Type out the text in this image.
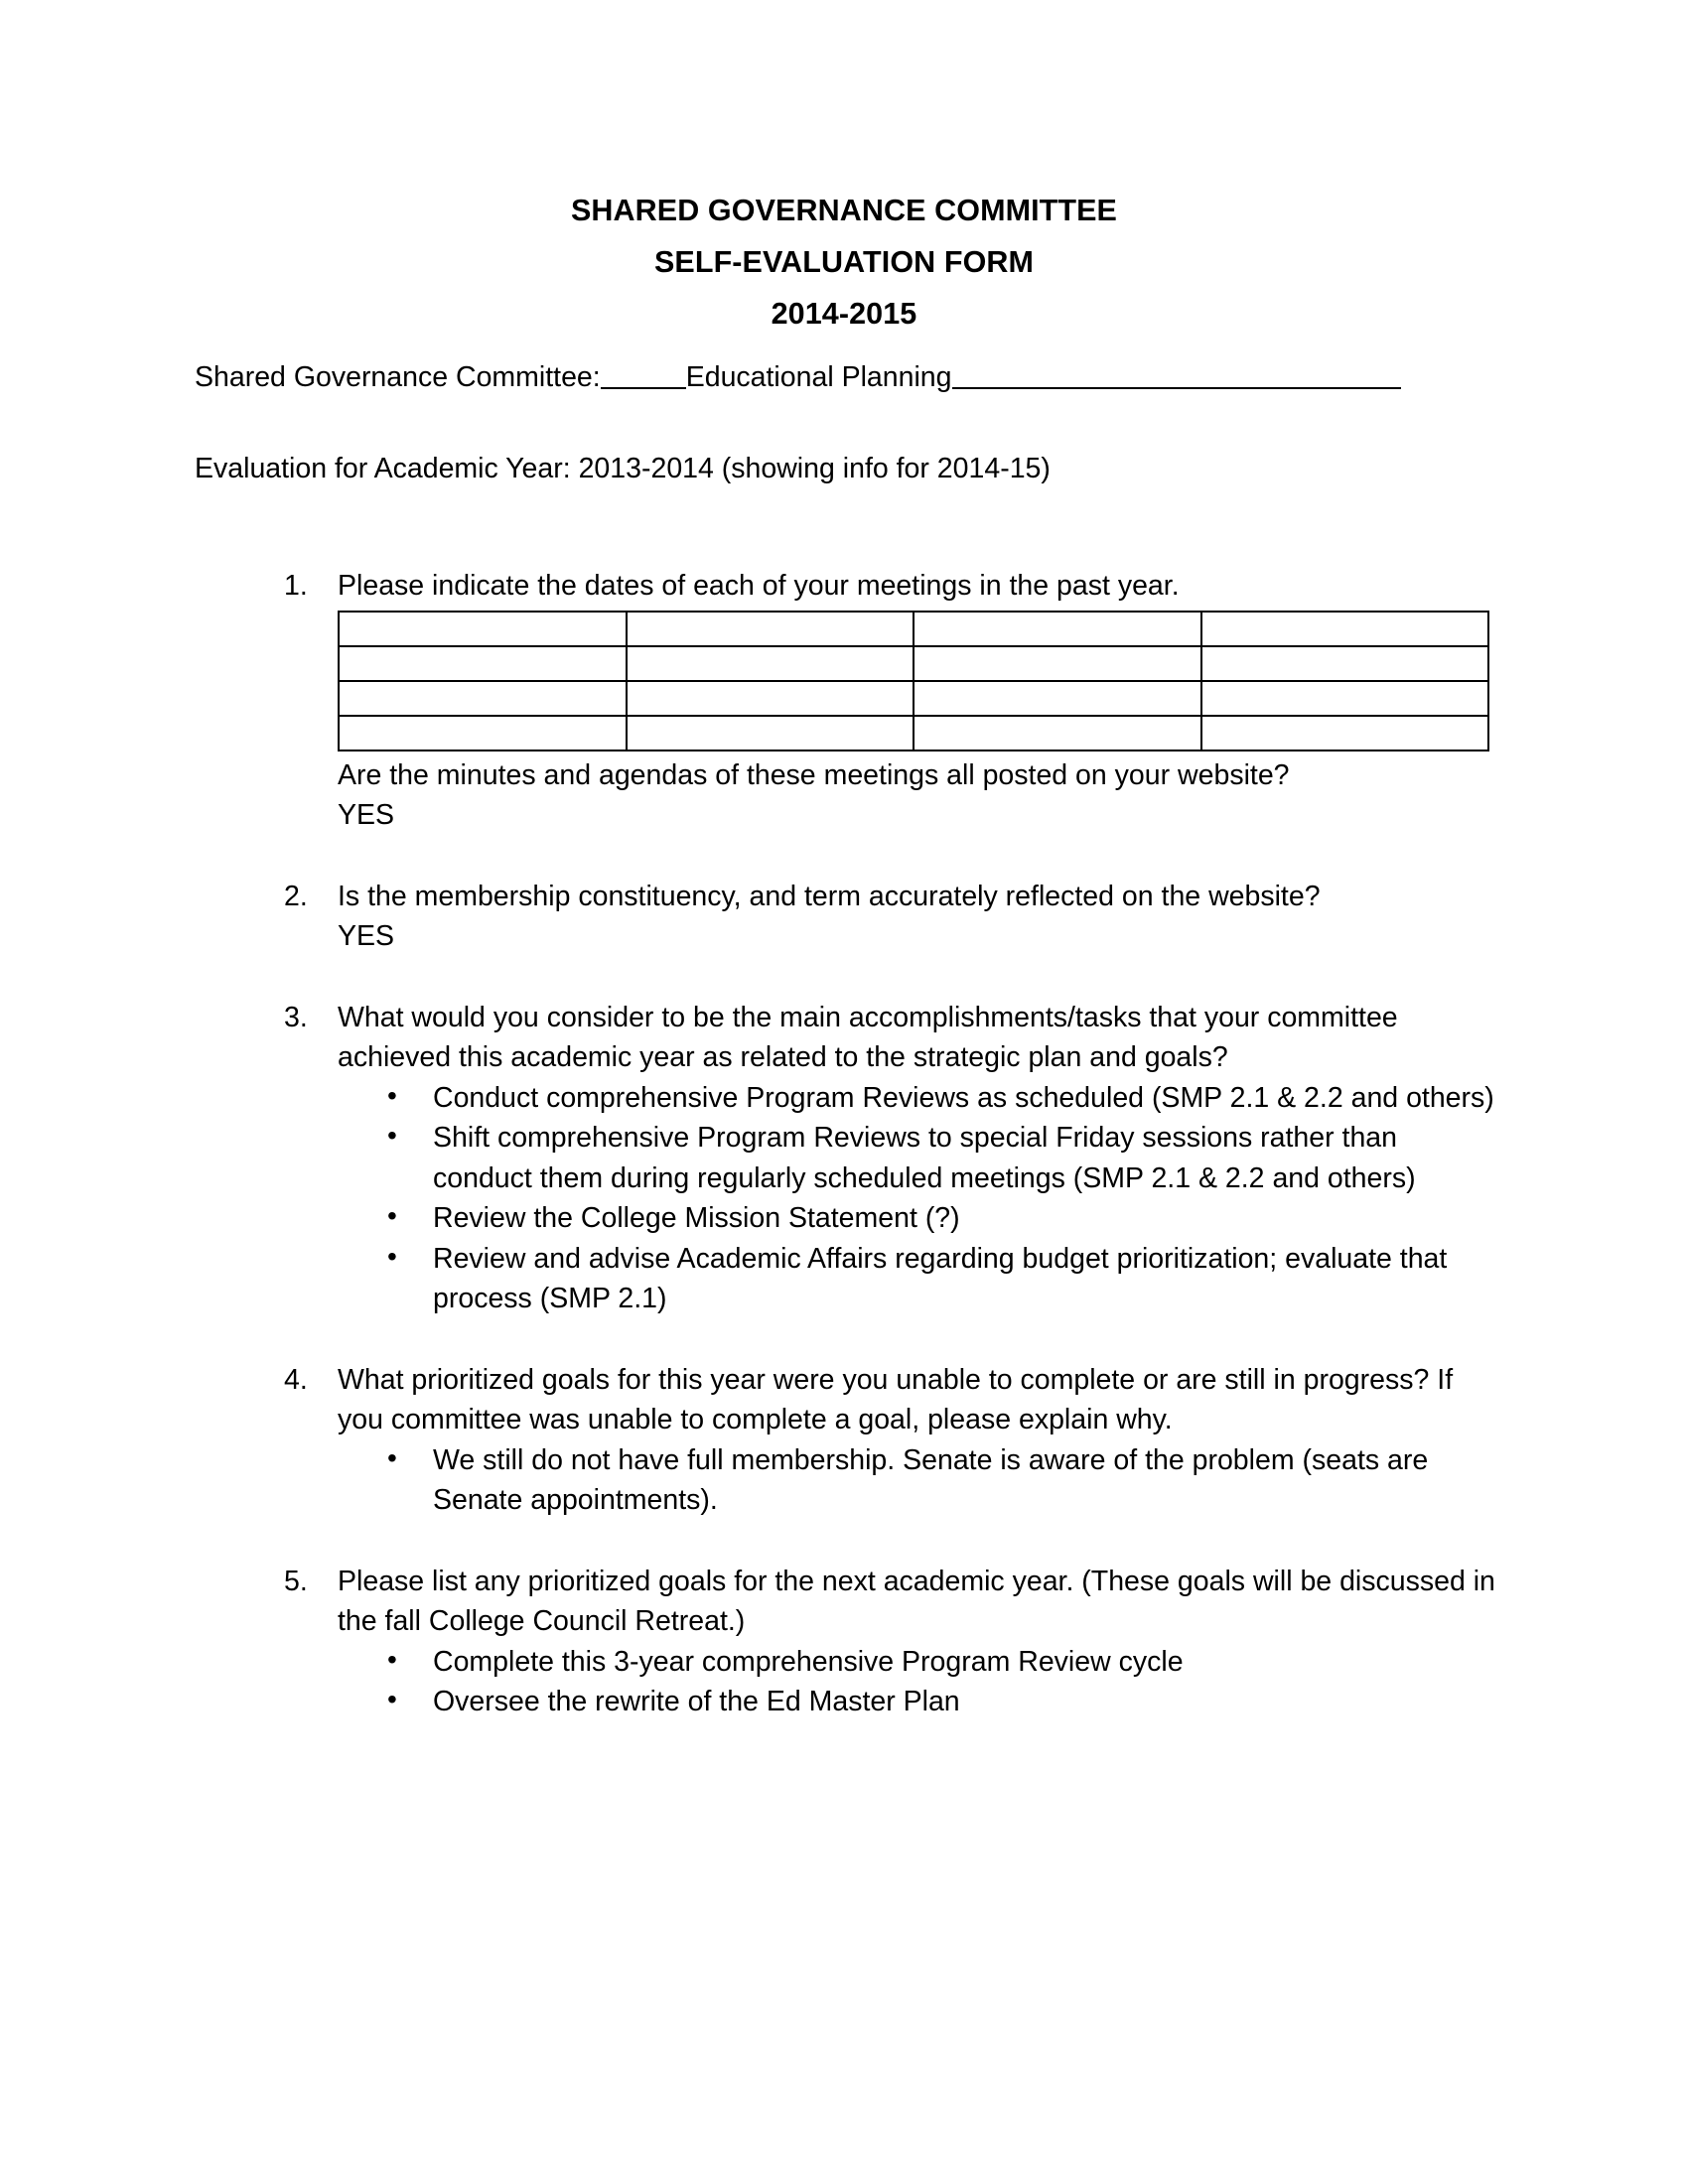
SHARED GOVERNANCE COMMITTEE
SELF-EVALUATION FORM
2014-2015

Shared Governance Committee:	Educational Planning

Evaluation for Academic Year: 2013-2014 (showing info for 2014-15)

1.	Please indicate the dates of each of your meetings in the past year.

Are the minutes and agendas of these meetings all posted on your website?
YES
2.	Is the membership constituency, and term accurately reflected on the website?
YES
3.	What would you consider to be the main accomplishments/tasks that your committee achieved this academic year as related to the strategic plan and goals?
• Conduct comprehensive Program Reviews as scheduled (SMP 2.1 & 2.2 and others)
• Shift comprehensive Program Reviews to special Friday sessions rather than conduct them during regularly scheduled meetings (SMP 2.1 & 2.2 and others)
• Review the College Mission Statement (?)
• Review and advise Academic Affairs regarding budget prioritization; evaluate that process (SMP 2.1)
4.	What prioritized goals for this year were you unable to complete or are still in progress? If you committee was unable to complete a goal, please explain why.
• We still do not have full membership. Senate is aware of the problem (seats are Senate appointments).
5.	Please list any prioritized goals for the next academic year. (These goals will be discussed in the fall College Council Retreat.)
• Complete this 3-year comprehensive Program Review cycle
• Oversee the rewrite of the Ed Master Plan
